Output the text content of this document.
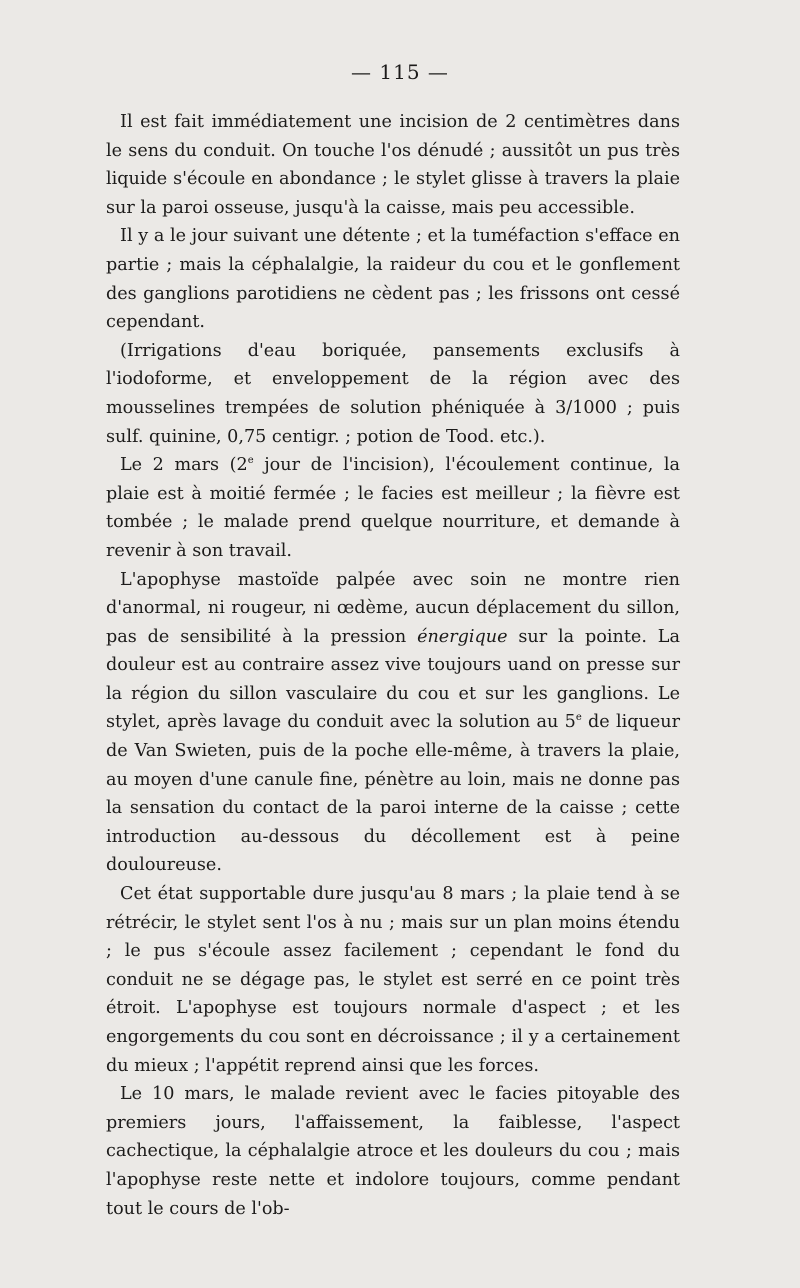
— 115 —

Il est fait immédiatement une incision de 2 centimètres dans le sens du conduit. On touche l'os dénudé ; aussitôt un pus très liquide s'écoule en abondance ; le stylet glisse à travers la plaie sur la paroi osseuse, jusqu'à la caisse, mais peu accessible.

Il y a le jour suivant une détente ; et la tuméfaction s'efface en partie ; mais la céphalalgie, la raideur du cou et le gonflement des ganglions parotidiens ne cèdent pas ; les frissons ont cessé cependant.

(Irrigations d'eau boriquée, pansements exclusifs à l'iodoforme, et enveloppement de la région avec des mousselines trempées de solution phéniquée à 3/1000 ; puis sulf. quinine, 0,75 centigr. ; potion de Tood. etc.).

Le 2 mars (2e jour de l'incision), l'écoulement continue, la plaie est à moitié fermée ; le facies est meilleur ; la fièvre est tombée ; le malade prend quelque nourriture, et demande à revenir à son travail.

L'apophyse mastoïde palpée avec soin ne montre rien d'anormal, ni rougeur, ni œdème, aucun déplacement du sillon, pas de sensibilité à la pression énergique sur la pointe. La douleur est au contraire assez vive toujours uand on presse sur la région du sillon vasculaire du cou et sur les ganglions. Le stylet, après lavage du conduit avec la solution au 5e de liqueur de Van Swieten, puis de la poche elle-même, à travers la plaie, au moyen d'une canule fine, pénètre au loin, mais ne donne pas la sensation du contact de la paroi interne de la caisse ; cette introduction au-dessous du décollement est à peine douloureuse.

Cet état supportable dure jusqu'au 8 mars ; la plaie tend à se rétrécir, le stylet sent l'os à nu ; mais sur un plan moins étendu ; le pus s'écoule assez facilement ; cependant le fond du conduit ne se dégage pas, le stylet est serré en ce point très étroit. L'apophyse est toujours normale d'aspect ; et les engorgements du cou sont en décroissance ; il y a certainement du mieux ; l'appétit reprend ainsi que les forces.

Le 10 mars, le malade revient avec le facies pitoyable des premiers jours, l'affaissement, la faiblesse, l'aspect cachectique, la céphalalgie atroce et les douleurs du cou ; mais l'apophyse reste nette et indolore toujours, comme pendant tout le cours de l'ob-
